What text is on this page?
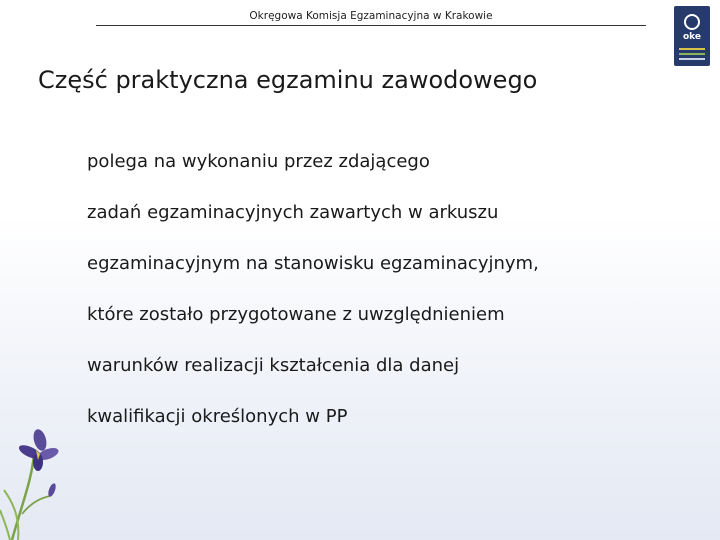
Okręgowa Komisja Egzaminacyjna w Krakowie
oke
Część praktyczna egzaminu zawodowego
polega na wykonaniu przez zdającego
zadań egzaminacyjnych zawartych w arkuszu
egzaminacyjnym na stanowisku egzaminacyjnym,
które zostało przygotowane z uwzględnieniem
warunków realizacji kształcenia dla danej
kwalifikacji określonych w PP
